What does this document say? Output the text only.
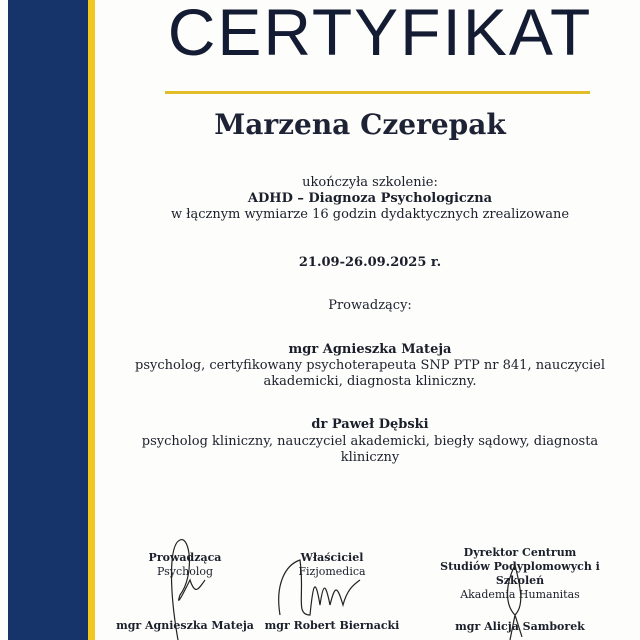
CERTYFIKAT
Marzena Czerepak
ukończyła szkolenie:
ADHD – Diagnoza Psychologiczna
w łącznym wymiarze 16 godzin dydaktycznych zrealizowane
21.09-26.09.2025 r.
Prowadzący:
mgr Agnieszka Mateja
psycholog, certyfikowany psychoterapeuta SNP PTP nr 841, nauczyciel
akademicki, diagnosta kliniczny.
dr Paweł Dębski
psycholog kliniczny, nauczyciel akademicki, biegły sądowy, diagnosta
kliniczny
Prowadząca
Psycholog
mgr Agnieszka Mateja
Właściciel
Fizjomedica
mgr Robert Biernacki
Dyrektor Centrum
Studiów Podyplomowych i Szkoleń
Akademia Humanitas
mgr Alicja Samborek
